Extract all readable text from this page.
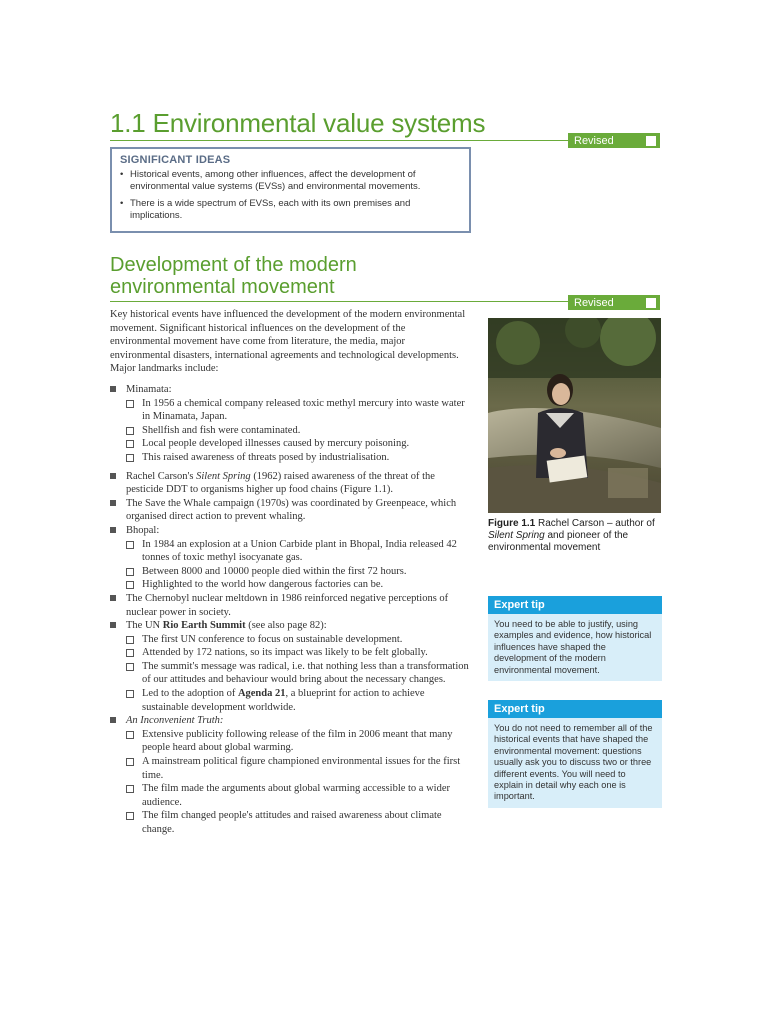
1.1 Environmental value systems
Revised
SIGNIFICANT IDEAS
• Historical events, among other influences, affect the development of environmental value systems (EVSs) and environmental movements.
• There is a wide spectrum of EVSs, each with its own premises and implications.
Development of the modern environmental movement
Revised
Key historical events have influenced the development of the modern environmental movement. Significant historical influences on the development of the environmental movement have come from literature, the media, major environmental disasters, international agreements and technological developments. Major landmarks include:
Minamata:
In 1956 a chemical company released toxic methyl mercury into waste water in Minamata, Japan.
Shellfish and fish were contaminated.
Local people developed illnesses caused by mercury poisoning.
This raised awareness of threats posed by industrialisation.
Rachel Carson's Silent Spring (1962) raised awareness of the threat of the pesticide DDT to organisms higher up food chains (Figure 1.1).
The Save the Whale campaign (1970s) was coordinated by Greenpeace, which organised direct action to prevent whaling.
Bhopal:
In 1984 an explosion at a Union Carbide plant in Bhopal, India released 42 tonnes of toxic methyl isocyanate gas.
Between 8000 and 10000 people died within the first 72 hours.
Highlighted to the world how dangerous factories can be.
The Chernobyl nuclear meltdown in 1986 reinforced negative perceptions of nuclear power in society.
The UN Rio Earth Summit (see also page 82):
The first UN conference to focus on sustainable development.
Attended by 172 nations, so its impact was likely to be felt globally.
The summit's message was radical, i.e. that nothing less than a transformation of our attitudes and behaviour would bring about the necessary changes.
Led to the adoption of Agenda 21, a blueprint for action to achieve sustainable development worldwide.
An Inconvenient Truth:
Extensive publicity following release of the film in 2006 meant that many people heard about global warming.
A mainstream political figure championed environmental issues for the first time.
The film made the arguments about global warming accessible to a wider audience.
The film changed people's attitudes and raised awareness about climate change.
Figure 1.1 Rachel Carson – author of Silent Spring and pioneer of the environmental movement
Expert tip
You need to be able to justify, using examples and evidence, how historical influences have shaped the development of the modern environmental movement.
Expert tip
You do not need to remember all of the historical events that have shaped the environmental movement: questions usually ask you to discuss two or three different events. You will need to explain in detail why each one is important.
